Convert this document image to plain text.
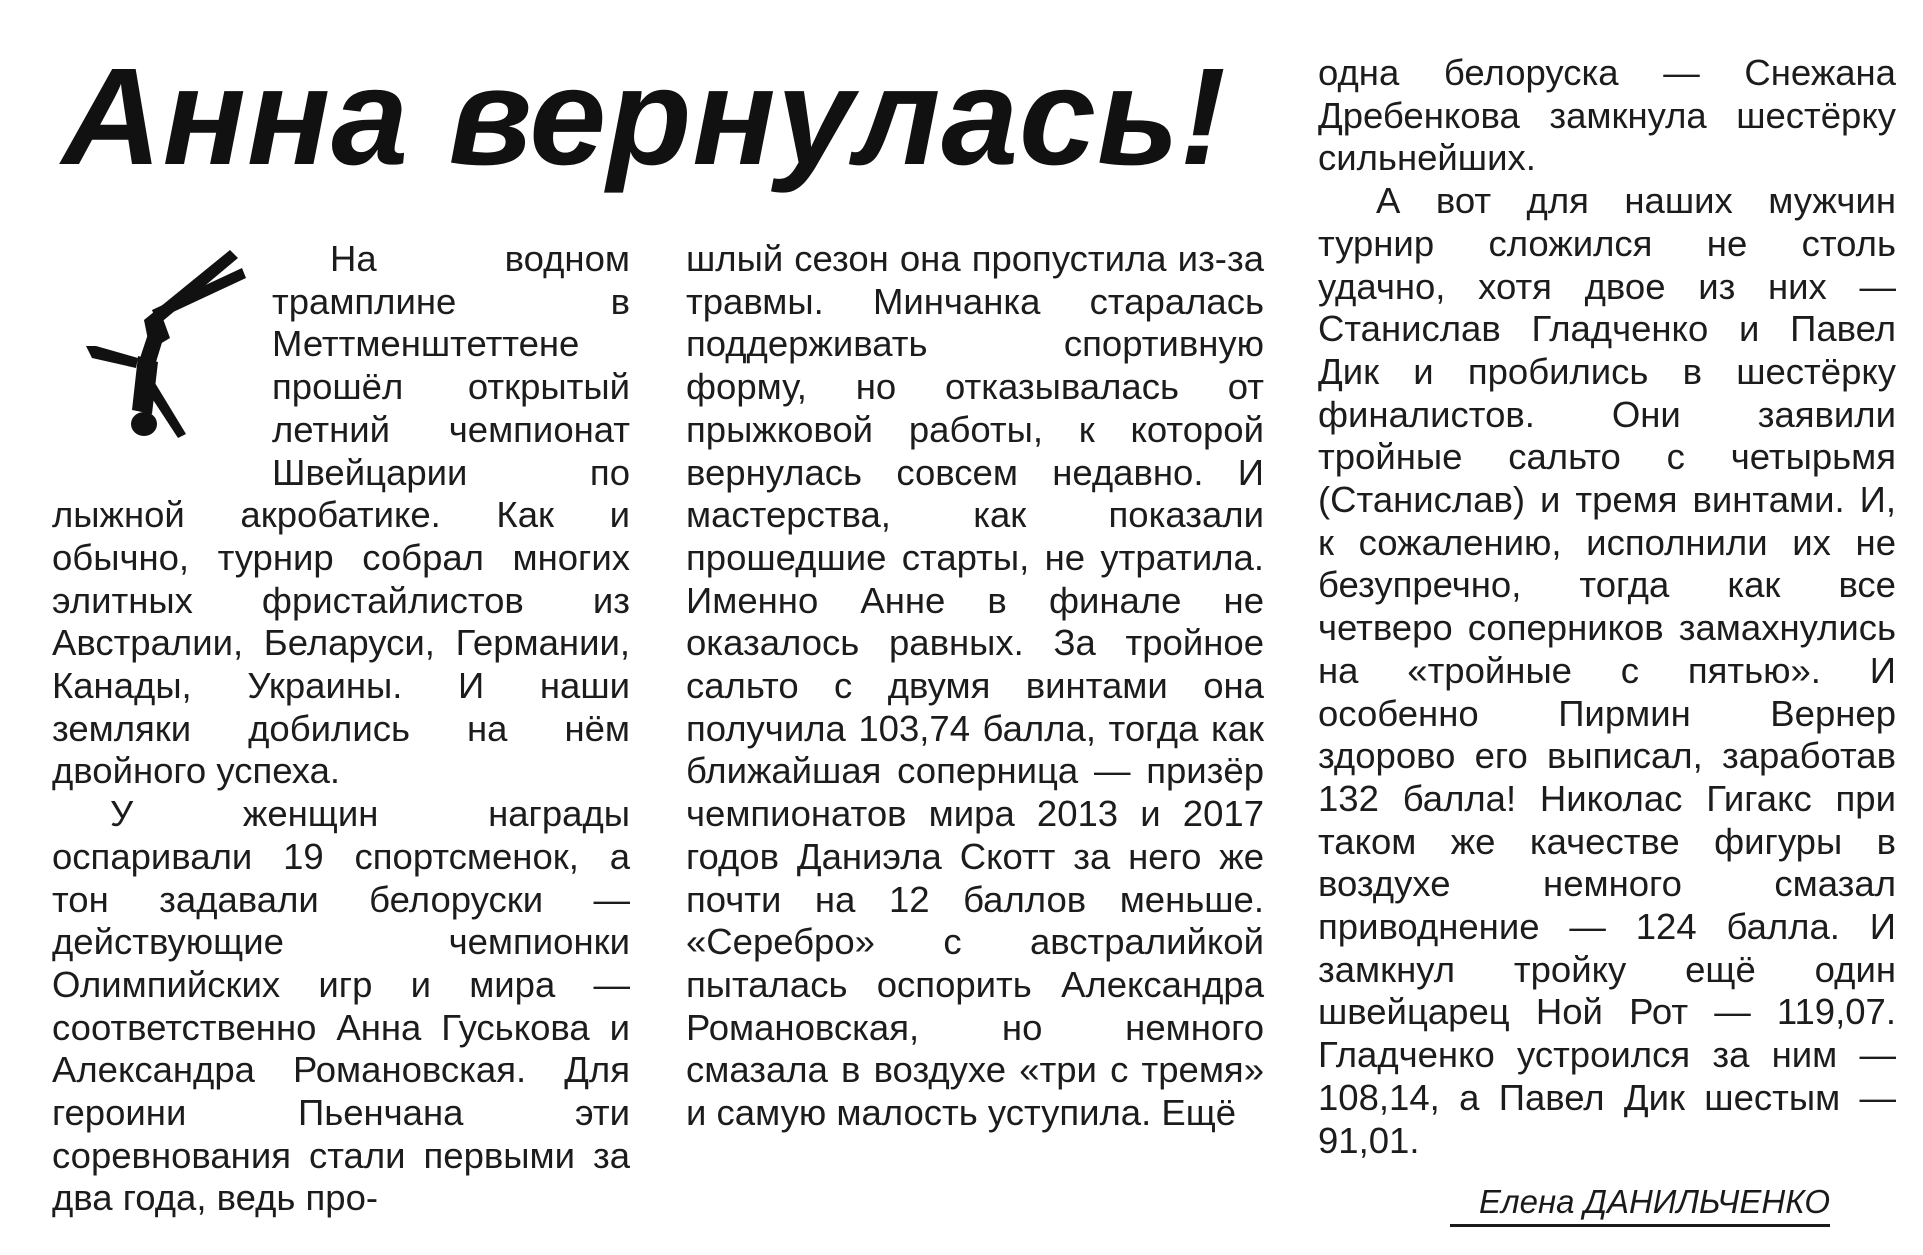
Анна вернулась!

На водном трамплине в Меттменштеттене прошёл открытый летний чемпионат Швейцарии по лыжной акробатике. Как и обычно, турнир собрал многих элитных фристайлистов из Австралии, Беларуси, Германии, Канады, Украины. И наши земляки добились на нём двойного успеха.

У женщин награды оспаривали 19 спортсменок, а тон задавали белоруски — действующие чемпионки Олимпийских игр и мира — соответственно Анна Гуськова и Александра Романовская. Для героини Пьенчана эти соревнования стали первыми за два года, ведь про-

шлый сезон она пропустила из-за травмы. Минчанка старалась поддерживать спортивную форму, но отказывалась от прыжковой работы, к которой вернулась совсем недавно. И мастерства, как показали прошедшие старты, не утратила. Именно Анне в финале не оказалось равных. За тройное сальто с двумя винтами она получила 103,74 балла, тогда как ближайшая соперница — призёр чемпионатов мира 2013 и 2017 годов Даниэла Скотт за него же почти на 12 баллов меньше. «Серебро» с австралийкой пыталась оспорить Александра Романовская, но немного смазала в воздухе «три с тремя» и самую малость уступила. Ещё

одна белоруска — Снежана Дребенкова замкнула шестёрку сильнейших.

А вот для наших мужчин турнир сложился не столь удачно, хотя двое из них — Станислав Гладченко и Павел Дик и пробились в шестёрку финалистов. Они заявили тройные сальто с четырьмя (Станислав) и тремя винтами. И, к сожалению, исполнили их не безупречно, тогда как все четверо соперников замахнулись на «тройные с пятью». И особенно Пирмин Вернер здорово его выписал, заработав 132 балла! Николас Гигакс при таком же качестве фигуры в воздухе немного смазал приводнение — 124 балла. И замкнул тройку ещё один швейцарец Ной Рот — 119,07. Гладченко устроился за ним — 108,14, а Павел Дик шестым — 91,01.

Елена ДАНИЛЬЧЕНКО
